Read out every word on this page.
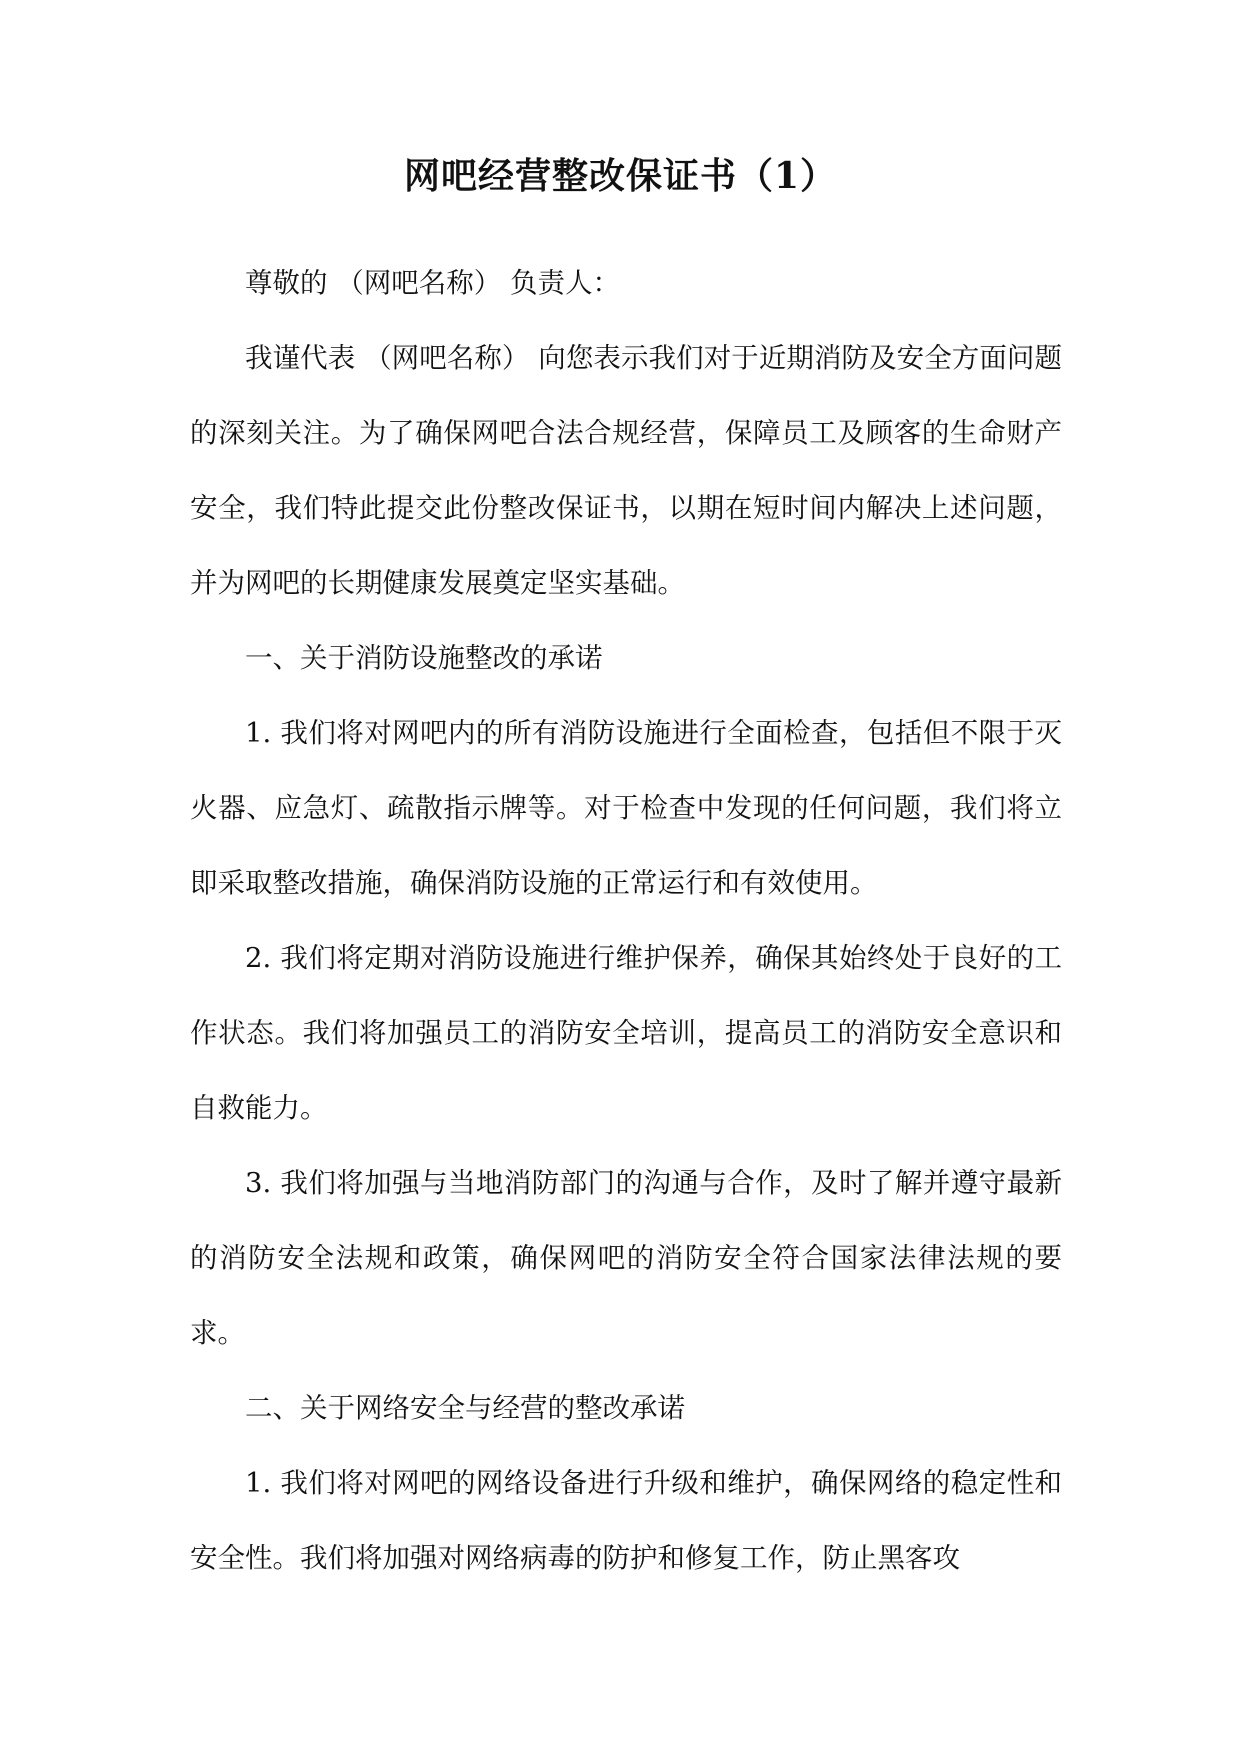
网吧经营整改保证书（1）

尊敬的 （网吧名称） 负责人：

我谨代表 （网吧名称） 向您表示我们对于近期消防及安全方面问题的深刻关注。为了确保网吧合法合规经营，保障员工及顾客的生命财产安全，我们特此提交此份整改保证书，以期在短时间内解决上述问题，并为网吧的长期健康发展奠定坚实基础。

一、关于消防设施整改的承诺

1. 我们将对网吧内的所有消防设施进行全面检查，包括但不限于灭火器、应急灯、疏散指示牌等。对于检查中发现的任何问题，我们将立即采取整改措施，确保消防设施的正常运行和有效使用。

2. 我们将定期对消防设施进行维护保养，确保其始终处于良好的工作状态。我们将加强员工的消防安全培训，提高员工的消防安全意识和自救能力。

3. 我们将加强与当地消防部门的沟通与合作，及时了解并遵守最新的消防安全法规和政策，确保网吧的消防安全符合国家法律法规的要求。

二、关于网络安全与经营的整改承诺

1. 我们将对网吧的网络设备进行升级和维护，确保网络的稳定性和安全性。我们将加强对网络病毒的防护和修复工作，防止黑客攻
